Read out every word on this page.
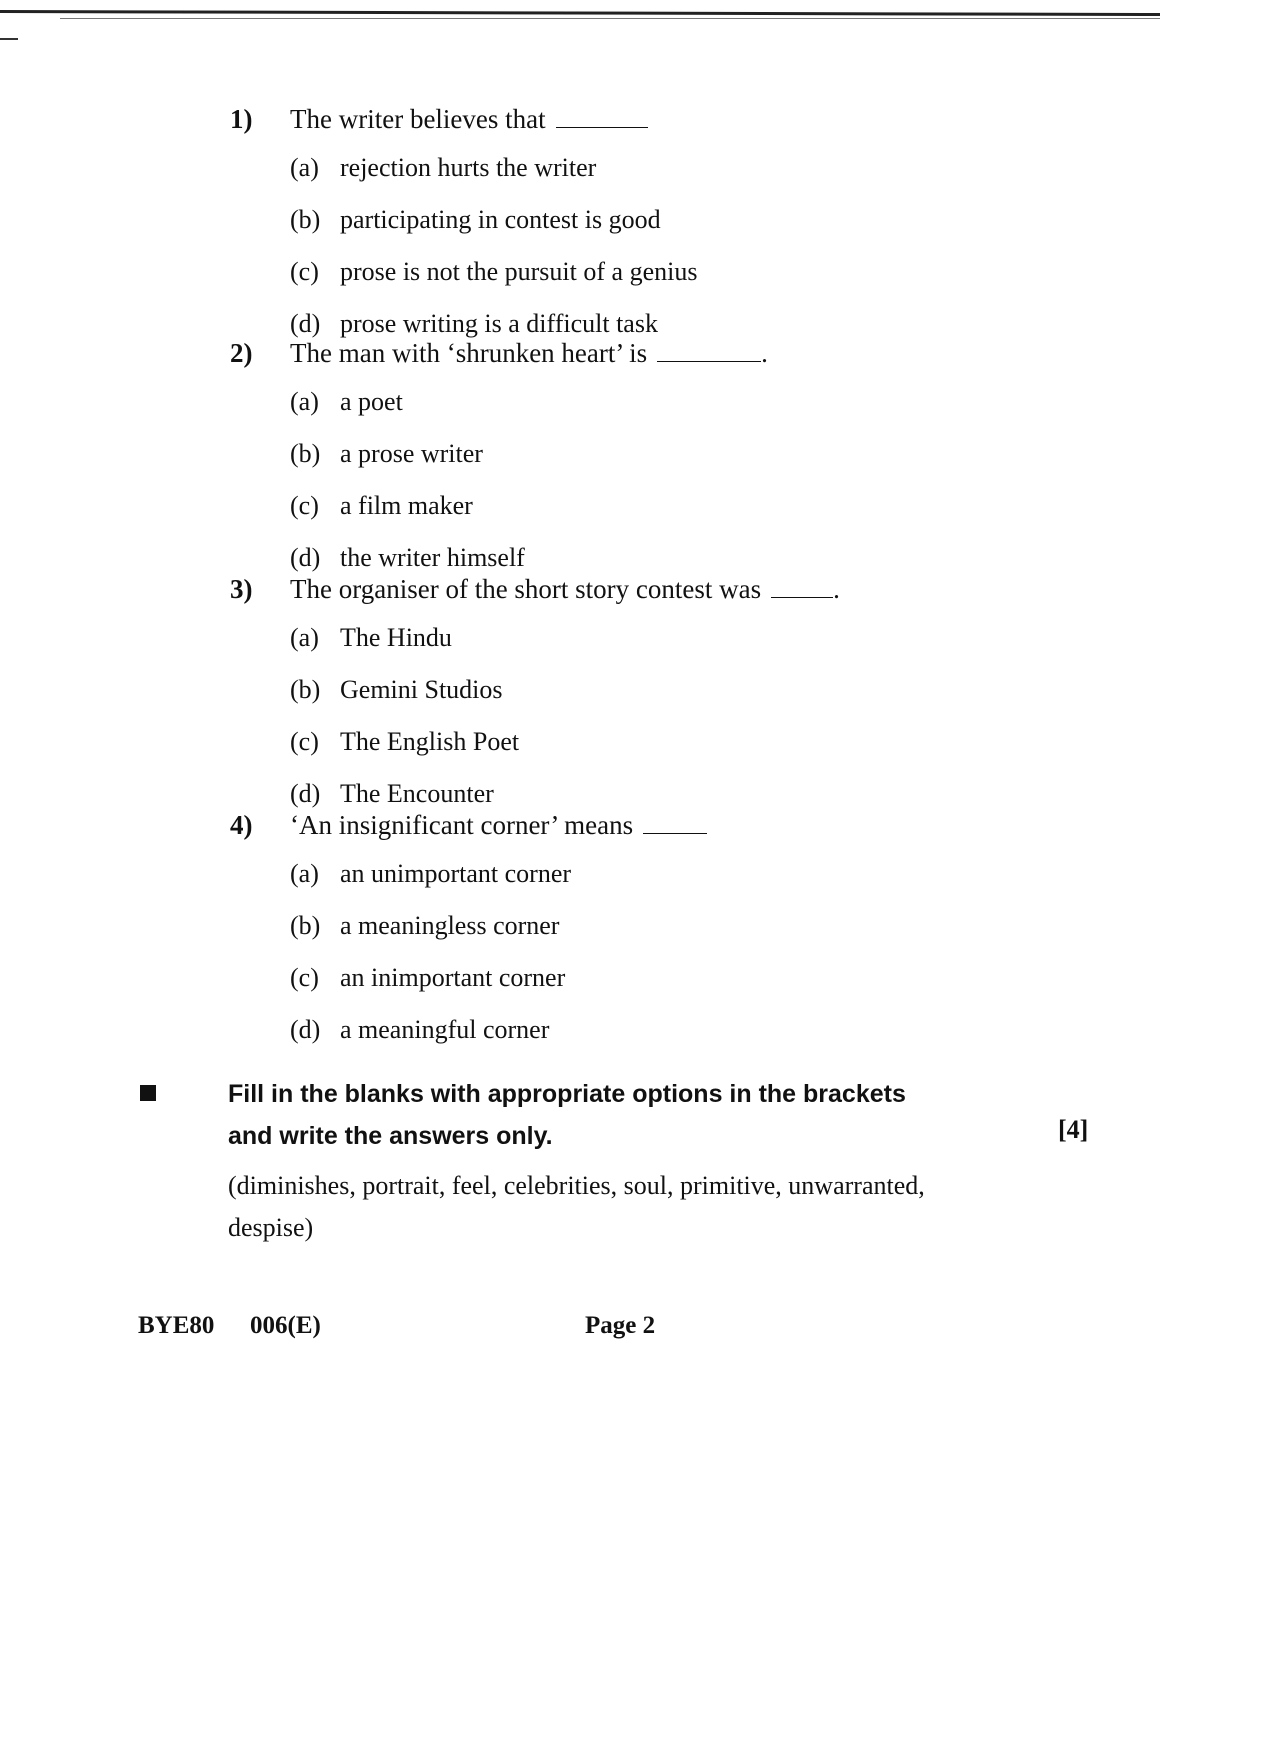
1)	The writer believes that
(a) rejection hurts the writer
(b) participating in contest is good
(c) prose is not the pursuit of a genius
(d) prose writing is a difficult task
2)	The man with ‘shrunken heart’ is	.
(a) a poet
(b) a prose writer
(c) a film maker
(d) the writer himself
3)	The organiser of the short story contest was	.
(a) The Hindu
(b) Gemini Studios
(c) The English Poet
(d) The Encounter
4)	‘An insignificant corner’ means
(a) an unimportant corner
(b) a meaningless corner
(c) an inimportant corner
(d) a meaningful corner
Fill in the blanks with appropriate options in the brackets
and write the answers only.	[4]
(diminishes, portrait, feel, celebrities, soul, primitive, unwarranted, despise)
BYE80 006(E)	Page 2
